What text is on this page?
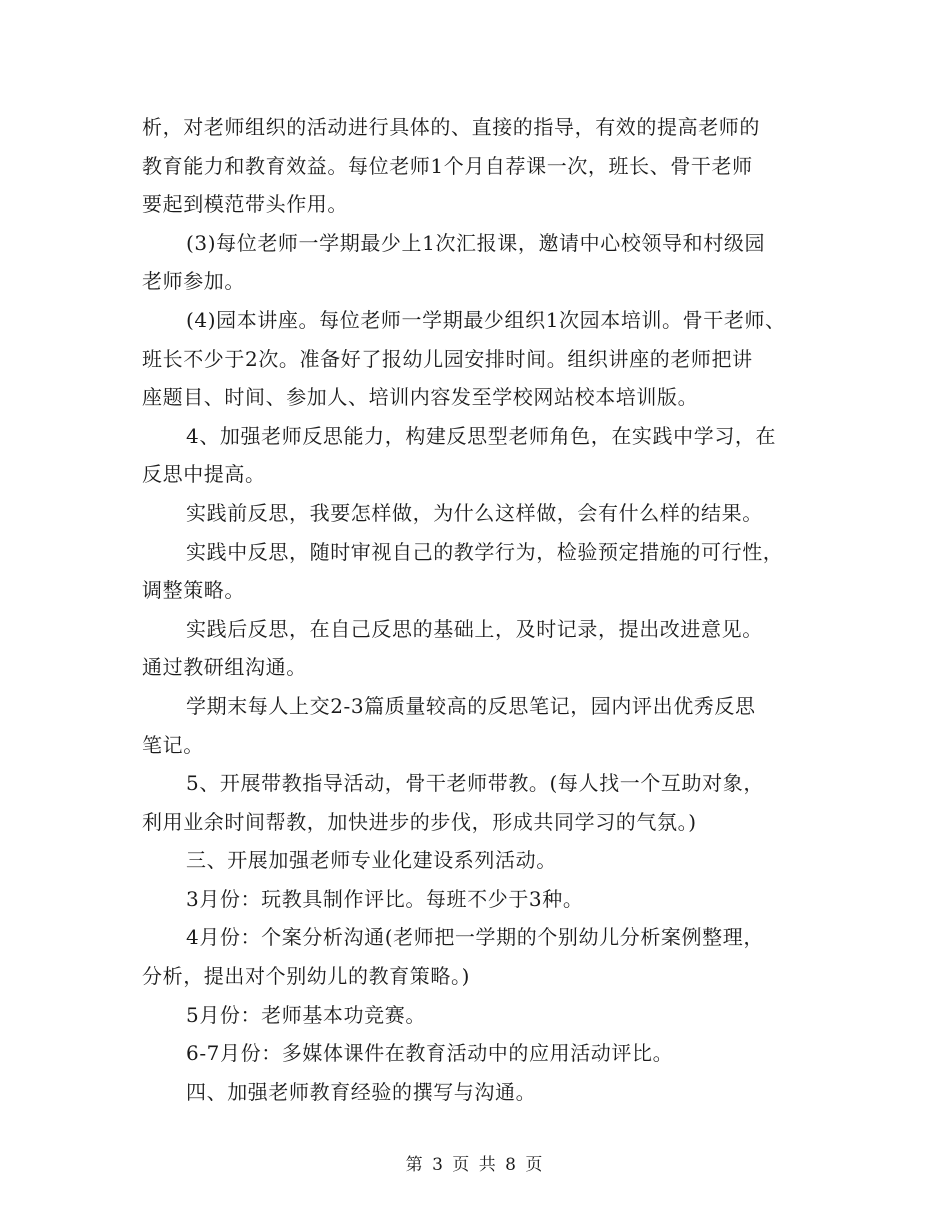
析，对老师组织的活动进行具体的、直接的指导，有效的提高老师的
教育能力和教育效益。每位老师1个月自荐课一次，班长、骨干老师
要起到模范带头作用。
(3)每位老师一学期最少上1次汇报课，邀请中心校领导和村级园
老师参加。
(4)园本讲座。每位老师一学期最少组织1次园本培训。骨干老师、
班长不少于2次。准备好了报幼儿园安排时间。组织讲座的老师把讲
座题目、时间、参加人、培训内容发至学校网站校本培训版。
4、加强老师反思能力，构建反思型老师角色，在实践中学习，在
反思中提高。
实践前反思，我要怎样做，为什么这样做，会有什么样的结果。
实践中反思，随时审视自己的教学行为，检验预定措施的可行性，
调整策略。
实践后反思，在自己反思的基础上，及时记录，提出改进意见。
通过教研组沟通。
学期末每人上交2-3篇质量较高的反思笔记，园内评出优秀反思
笔记。
5、开展带教指导活动，骨干老师带教。(每人找一个互助对象，
利用业余时间帮教，加快进步的步伐，形成共同学习的气氛。)
三、开展加强老师专业化建设系列活动。
3月份：玩教具制作评比。每班不少于3种。
4月份：个案分析沟通(老师把一学期的个别幼儿分析案例整理，
分析，提出对个别幼儿的教育策略。)
5月份：老师基本功竞赛。
6-7月份：多媒体课件在教育活动中的应用活动评比。
四、加强老师教育经验的撰写与沟通。
第 3 页 共 8 页
